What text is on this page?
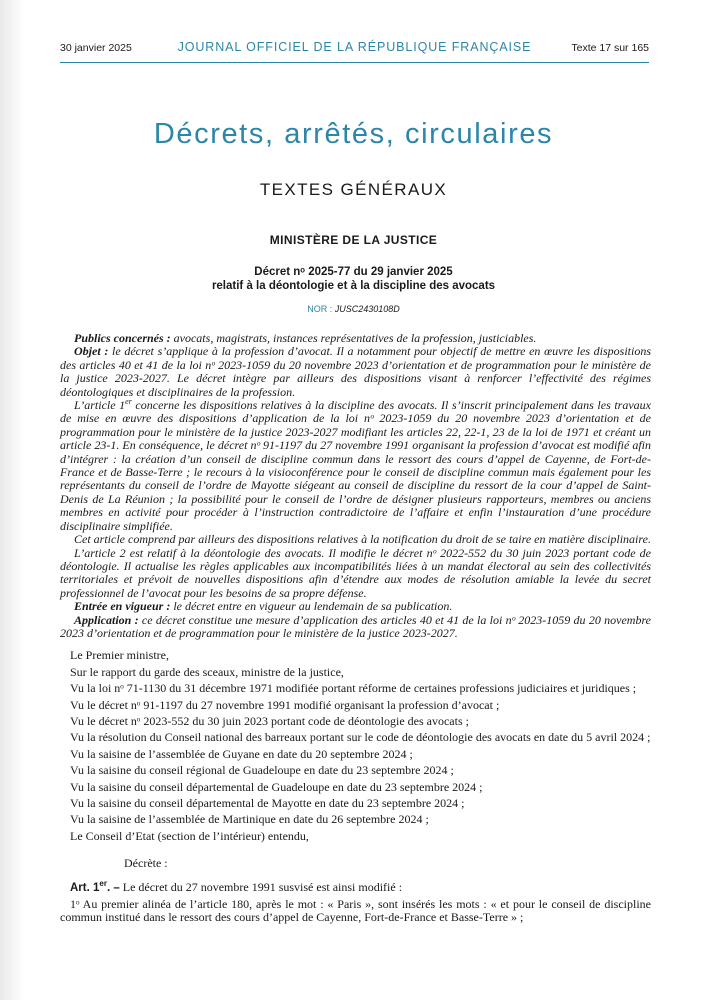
30 janvier 2025	JOURNAL OFFICIEL DE LA RÉPUBLIQUE FRANÇAISE	Texte 17 sur 165
Décrets, arrêtés, circulaires
TEXTES GÉNÉRAUX
MINISTÈRE DE LA JUSTICE
Décret nᵒ 2025-77 du 29 janvier 2025
relatif à la déontologie et à la discipline des avocats
NOR : JUSC2430108D

Publics concernés : avocats, magistrats, instances représentatives de la profession, justiciables.

Objet : le décret s’applique à la profession d’avocat. Il a notamment pour objectif de mettre en œuvre les dispositions des articles 40 et 41 de la loi nᵒ 2023-1059 du 20 novembre 2023 d’orientation et de programmation pour le ministère de la justice 2023-2027. Le décret intègre par ailleurs des dispositions visant à renforcer l’effectivité des régimes déontologiques et disciplinaires de la profession.

L’article 1er concerne les dispositions relatives à la discipline des avocats. Il s’inscrit principalement dans les travaux de mise en œuvre des dispositions d’application de la loi nᵒ 2023-1059 du 20 novembre 2023 d’orientation et de programmation pour le ministère de la justice 2023-2027 modifiant les articles 22, 22-1, 23 de la loi de 1971 et créant un article 23-1. En conséquence, le décret nᵒ 91-1197 du 27 novembre 1991 organisant la profession d’avocat est modifié afin d’intégrer : la création d’un conseil de discipline commun dans le ressort des cours d’appel de Cayenne, de Fort-de-France et de Basse-Terre ; le recours à la visioconférence pour le conseil de discipline commun mais également pour les représentants du conseil de l’ordre de Mayotte siégeant au conseil de discipline du ressort de la cour d’appel de Saint-Denis de La Réunion ; la possibilité pour le conseil de l’ordre de désigner plusieurs rapporteurs, membres ou anciens membres en activité pour procéder à l’instruction contradictoire de l’affaire et enfin l’instauration d’une procédure disciplinaire simplifiée.

Cet article comprend par ailleurs des dispositions relatives à la notification du droit de se taire en matière disciplinaire.

L’article 2 est relatif à la déontologie des avocats. Il modifie le décret nᵒ 2022-552 du 30 juin 2023 portant code de déontologie. Il actualise les règles applicables aux incompatibilités liées à un mandat électoral au sein des collectivités territoriales et prévoit de nouvelles dispositions afin d’étendre aux modes de résolution amiable la levée du secret professionnel de l’avocat pour les besoins de sa propre défense.

Entrée en vigueur : le décret entre en vigueur au lendemain de sa publication.

Application : ce décret constitue une mesure d’application des articles 40 et 41 de la loi nᵒ 2023-1059 du 20 novembre 2023 d’orientation et de programmation pour le ministère de la justice 2023-2027.

Le Premier ministre,

Sur le rapport du garde des sceaux, ministre de la justice,

Vu la loi nᵒ 71-1130 du 31 décembre 1971 modifiée portant réforme de certaines professions judiciaires et juridiques ;

Vu le décret nᵒ 91-1197 du 27 novembre 1991 modifié organisant la profession d’avocat ;

Vu le décret nᵒ 2023-552 du 30 juin 2023 portant code de déontologie des avocats ;

Vu la résolution du Conseil national des barreaux portant sur le code de déontologie des avocats en date du 5 avril 2024 ;

Vu la saisine de l’assemblée de Guyane en date du 20 septembre 2024 ;

Vu la saisine du conseil régional de Guadeloupe en date du 23 septembre 2024 ;

Vu la saisine du conseil départemental de Guadeloupe en date du 23 septembre 2024 ;

Vu la saisine du conseil départemental de Mayotte en date du 23 septembre 2024 ;

Vu la saisine de l’assemblée de Martinique en date du 26 septembre 2024 ;

Le Conseil d’Etat (section de l’intérieur) entendu,

Décrète :

Art. 1er. – Le décret du 27 novembre 1991 susvisé est ainsi modifié :

1ᵒ Au premier alinéa de l’article 180, après le mot : « Paris », sont insérés les mots : « et pour le conseil de discipline commun institué dans le ressort des cours d’appel de Cayenne, Fort-de-France et Basse-Terre » ;
